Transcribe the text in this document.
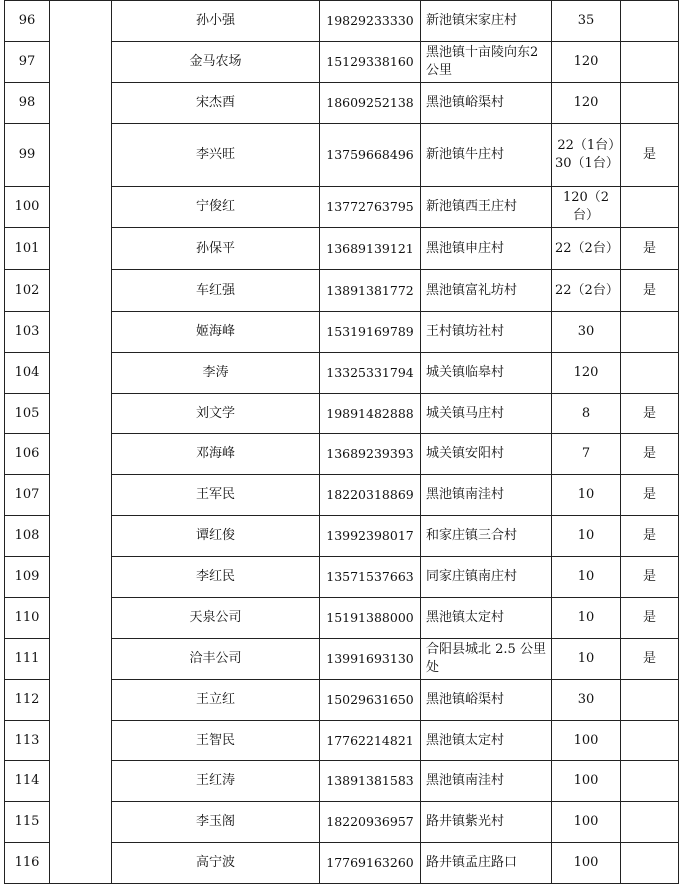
96		孙小强	19829233330	新池镇宋家庄村	35	
97		金马农场	15129338160	黑池镇十亩陵向东2公里	120	
98		宋杰酉	18609252138	黑池镇峪渠村	120	
99		李兴旺	13759668496	新池镇牛庄村	22（1台）30（1台）	是
100		宁俊红	13772763795	新池镇西王庄村	120（2台）	
101		孙保平	13689139121	黑池镇申庄村	22（2台）	是
102		车红强	13891381772	黑池镇富礼坊村	22（2台）	是
103		姬海峰	15319169789	王村镇坊社村	30	
104		李涛	13325331794	城关镇临皋村	120	
105		刘文学	19891482888	城关镇马庄村	8	是
106		邓海峰	13689239393	城关镇安阳村	7	是
107		王军民	18220318869	黑池镇南洼村	10	是
108		谭红俊	13992398017	和家庄镇三合村	10	是
109		李红民	13571537663	同家庄镇南庄村	10	是
110		天泉公司	15191388000	黑池镇太定村	10	是
111		洽丰公司	13991693130	合阳县城北 2.5 公里处	10	是
112		王立红	15029631650	黑池镇峪渠村	30	
113		王智民	17762214821	黑池镇太定村	100	
114		王红涛	13891381583	黑池镇南洼村	100	
115		李玉阁	18220936957	路井镇紫光村	100	
116		高宁波	17769163260	路井镇孟庄路口	100	
